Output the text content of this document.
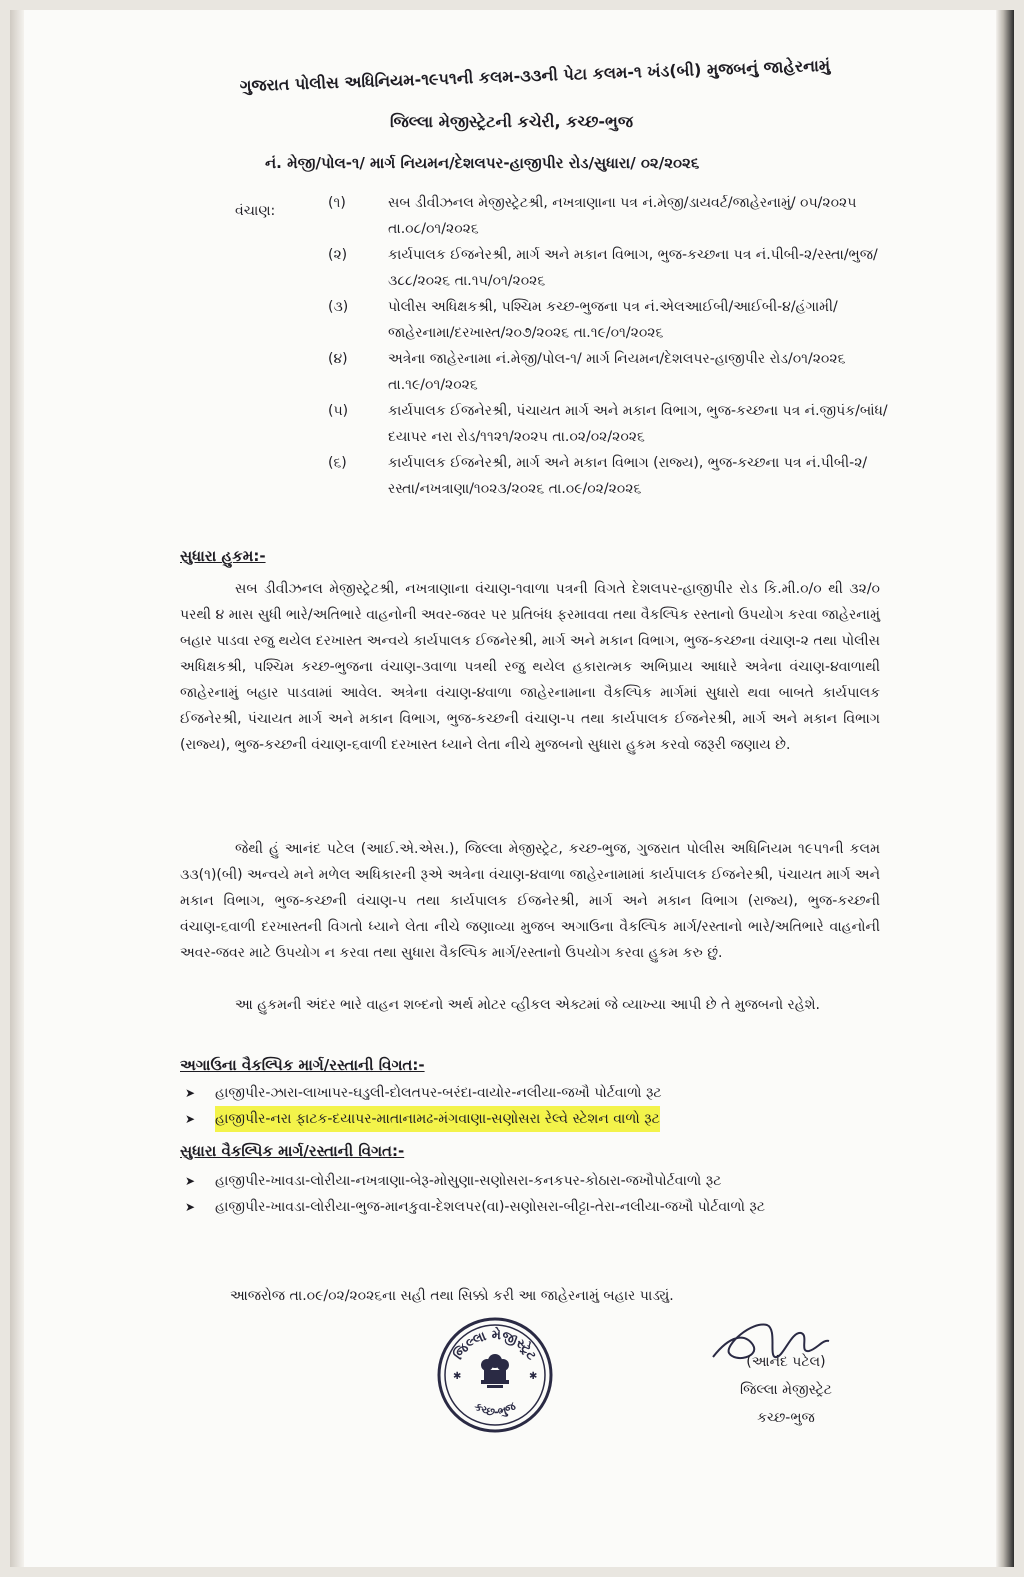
ગુજરાત પોલીસ અધિનિયમ-૧૯૫૧ની કલમ-૩૩ની પેટા કલમ-૧ ખંડ(બી) મુજબનું જાહેરનામું
જિલ્લા મેજીસ્ટ્રેટની કચેરી, કચ્છ-ભુજ
નં. મેજી/પોલ-૧/ માર્ગ નિયમન/દેશલપર-હાજીપીર રોડ/સુધારા/ ૦૨/૨૦૨૬
વંચાણ:	(૧)	સબ ડીવીઝનલ મેજીસ્ટ્રેટશ્રી, નખત્રાણાના પત્ર નં.મેજી/ડાયવર્ટ/જાહેરનામું/ ૦૫/૨૦૨૫ તા.૦૮/૦૧/૨૦૨૬
(૨)	કાર્યપાલક ઈજનેરશ્રી, માર્ગ અને મકાન વિભાગ, ભુજ-કચ્છના પત્ર નં.પીબી-૨/રસ્તા/ભુજ/૩૮૮/૨૦૨૬ તા.૧૫/૦૧/૨૦૨૬
(૩)	પોલીસ અધિક્ષકશ્રી, પશ્ચિમ કચ્છ-ભુજના પત્ર નં.એલઆઈબી/આઈબી-૪/હંગામી/જાહેરનામા/દરખાસ્ત/૨૦૭/૨૦૨૬ તા.૧૯/૦૧/૨૦૨૬
(૪)	અત્રેના જાહેરનામા નં.મેજી/પોલ-૧/ માર્ગ નિયમન/દેશલપર-હાજીપીર રોડ/૦૧/૨૦૨૬ તા.૧૯/૦૧/૨૦૨૬
(૫)	કાર્યપાલક ઈજનેરશ્રી, પંચાયત માર્ગ અને મકાન વિભાગ, ભુજ-કચ્છના પત્ર નં.જીપંક/બાંધ/દયાપર નરા રોડ/૧૧૨૧/૨૦૨૫ તા.૦૨/૦૨/૨૦૨૬
(૬)	કાર્યપાલક ઈજનેરશ્રી, માર્ગ અને મકાન વિભાગ (રાજ્ય), ભુજ-કચ્છના પત્ર નં.પીબી-૨/રસ્તા/નખત્રાણા/૧૦૨૩/૨૦૨૬ તા.૦૯/૦૨/૨૦૨૬
સુધારા હુકમ:-

સબ ડીવીઝનલ મેજીસ્ટ્રેટશ્રી, નખત્રાણાના વંચાણ-૧વાળા પત્રની વિગતે દેશલપર-હાજીપીર રોડ કિ.મી.૦/૦ થી ૩૨/૦ પરથી ૪ માસ સુધી ભારે/અતિભારે વાહનોની અવર-જવર પર પ્રતિબંધ ફરમાવવા તથા વૈકલ્પિક રસ્તાનો ઉપયોગ કરવા જાહેરનામું બહાર પાડવા રજુ થયેલ દરખાસ્ત અન્વયે કાર્યપાલક ઈજનેરશ્રી, માર્ગ અને મકાન વિભાગ, ભુજ-કચ્છના વંચાણ-૨ તથા પોલીસ અધિક્ષકશ્રી, પશ્ચિમ કચ્છ-ભુજના વંચાણ-૩વાળા પત્રથી રજુ થયેલ હકારાત્મક અભિપ્રાય આધારે અત્રેના વંચાણ-૪વાળાથી જાહેરનામું બહાર પાડવામાં આવેલ. અત્રેના વંચાણ-૪વાળા જાહેરનામાના વૈકલ્પિક માર્ગમાં સુધારો થવા બાબતે કાર્યપાલક ઈજનેરશ્રી, પંચાયત માર્ગ અને મકાન વિભાગ, ભુજ-કચ્છની વંચાણ-૫ તથા કાર્યપાલક ઈજનેરશ્રી, માર્ગ અને મકાન વિભાગ (રાજ્ય), ભુજ-કચ્છની વંચાણ-૬વાળી દરખાસ્ત ધ્યાને લેતા નીચે મુજબનો સુધારા હુકમ કરવો જરૂરી જણાય છે.

જેથી હું આનંદ પટેલ (આઈ.એ.એસ.), જિલ્લા મેજીસ્ટ્રેટ, કચ્છ-ભુજ, ગુજરાત પોલીસ અધિનિયમ ૧૯૫૧ની કલમ ૩૩(૧)(બી) અન્વયે મને મળેલ અધિકારની રૂએ અત્રેના વંચાણ-૪વાળા જાહેરનામામાં કાર્યપાલક ઈજનેરશ્રી, પંચાયત માર્ગ અને મકાન વિભાગ, ભુજ-કચ્છની વંચાણ-૫ તથા કાર્યપાલક ઈજનેરશ્રી, માર્ગ અને મકાન વિભાગ (રાજ્ય), ભુજ-કચ્છની વંચાણ-૬વાળી દરખાસ્તની વિગતો ધ્યાને લેતા નીચે જણાવ્યા મુજબ અગાઉના વૈકલ્પિક માર્ગ/રસ્તાનો ભારે/અતિભારે વાહનોની અવર-જવર માટે ઉપયોગ ન કરવા તથા સુધારા વૈકલ્પિક માર્ગ/રસ્તાનો ઉપયોગ કરવા હુકમ કરુ છું.

આ હુકમની અંદર ભારે વાહન શબ્દનો અર્થ મોટર વ્હીકલ એક્ટમાં જે વ્યાખ્યા આપી છે તે મુજબનો રહેશે.

અગાઉના વૈકલ્પિક માર્ગ/રસ્તાની વિગત:-
➤	હાજીપીર-ઝારા-લાખાપર-ઘડુલી-દોલતપર-બરંદા-વાયોર-નલીયા-જખૌ પોર્ટવાળો રૂટ
➤	હાજીપીર-નરા ફાટક-દયાપર-માતાનામઢ-મંગવાણા-સણોસરા રેલ્વે સ્ટેશન વાળો રૂટ
સુધારા વૈકલ્પિક માર્ગ/રસ્તાની વિગત:-
➤	હાજીપીર-ખાવડા-લોરીયા-નખત્રાણા-બેરૂ-મોસુણા-સણોસરા-કનકપર-કોઠારા-જખૌપોર્ટવાળો રૂટ
➤	હાજીપીર-ખાવડા-લોરીયા-ભુજ-માનકુવા-દેશલપર(વા)-સણોસરા-બીટ્ટા-તેરા-નલીયા-જખૌ પોર્ટવાળો રૂટ
આજરોજ તા.૦૯/૦૨/૨૦૨૬ના સહી તથા સિક્કો કરી આ જાહેરનામું બહાર પાડ્યું.
જિલ્લા મેજીસ્ટ્રેટ
કચ્છ-ભુજ
✱	✱
(આનંદ પટેલ)
જિલ્લા મેજીસ્ટ્રેટ
કચ્છ-ભુજ
